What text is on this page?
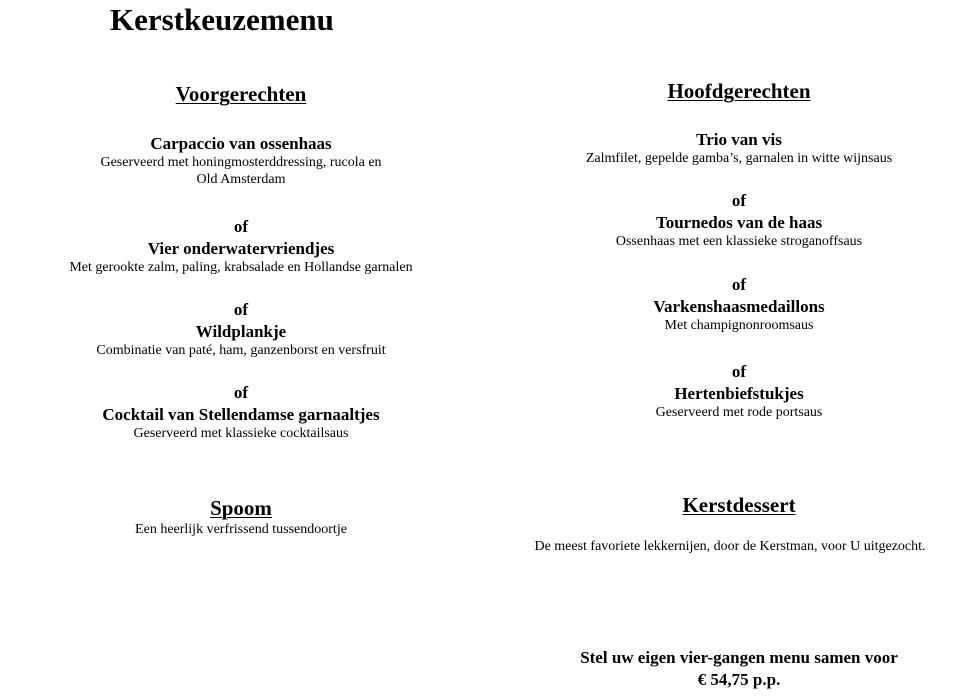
Kerstkeuzemenu
Voorgerechten
Carpaccio van ossenhaas
Geserveerd met honingmosterddressing, rucola en
Old Amsterdam
of
Vier onderwatervriendjes
Met gerookte zalm, paling, krabsalade en Hollandse garnalen
of
Wildplankje
Combinatie van paté, ham, ganzenborst en versfruit
of
Cocktail van Stellendamse garnaaltjes
Geserveerd met klassieke cocktailsaus
Spoom
Een heerlijk verfrissend tussendoortje
Hoofdgerechten
Trio van vis
Zalmfilet, gepelde gamba’s, garnalen in witte wijnsaus
of
Tournedos van de haas
Ossenhaas met een klassieke stroganoffsaus
of
Varkenshaasmedaillons
Met champignonroomsaus
of
Hertenbiefstukjes
Geserveerd met rode portsaus
Kerstdessert
De meest favoriete lekkernijen, door de Kerstman, voor U uitgezocht.
Stel uw eigen vier-gangen menu samen voor
€ 54,75 p.p.
